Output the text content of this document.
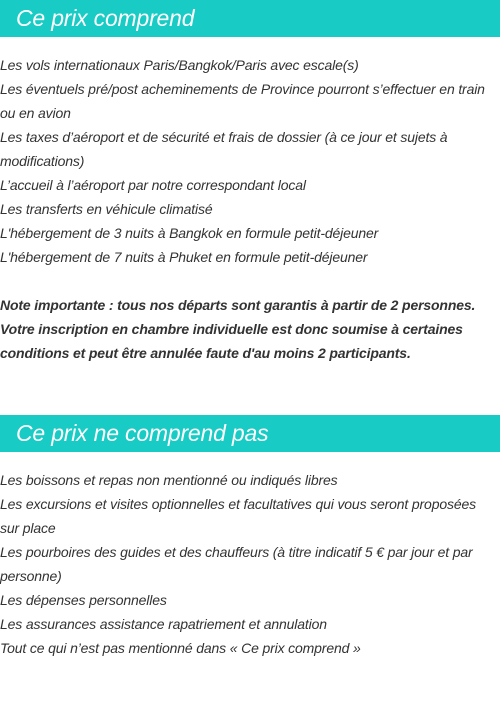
Ce prix comprend
Les vols internationaux Paris/Bangkok/Paris avec escale(s)
Les éventuels pré/post acheminements de Province pourront s’effectuer en train ou en avion
Les taxes d’aéroport et de sécurité et frais de dossier (à ce jour et sujets à modifications)
L’accueil à l’aéroport par notre correspondant local
Les transferts en véhicule climatisé
L'hébergement de 3 nuits à Bangkok en formule petit-déjeuner
L'hébergement de 7 nuits à Phuket en formule petit-déjeuner

Note importante : tous nos départs sont garantis à partir de 2 personnes. Votre inscription en chambre individuelle est donc soumise à certaines conditions et peut être annulée faute d'au moins 2 participants.

Ce prix ne comprend pas
Les boissons et repas non mentionné ou indiqués libres
Les excursions et visites optionnelles et facultatives qui vous seront proposées sur place
Les pourboires des guides et des chauffeurs (à titre indicatif 5 € par jour et par personne)
Les dépenses personnelles
Les assurances assistance rapatriement et annulation
Tout ce qui n’est pas mentionné dans « Ce prix comprend »
